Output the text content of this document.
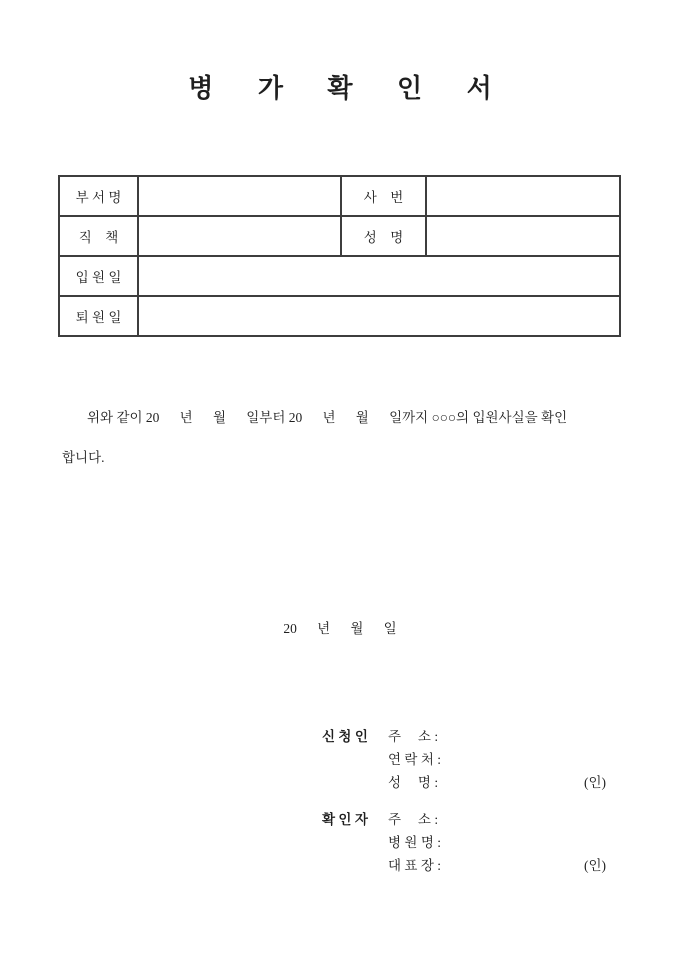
병 가 확 인 서
부 서 명		사    번	
직    책		성    명	
입 원 일			
퇴 원 일			
위와 같이 20      년      월      일부터 20      년      월      일까지 ○○○의 입원사실을 확인
합니다.
20      년      월      일
신 청 인	주     소 :
연 락 처 :
성     명 :	(인)
확 인 자	주     소 :
병 원 명 :
대 표 장 :	(인)
